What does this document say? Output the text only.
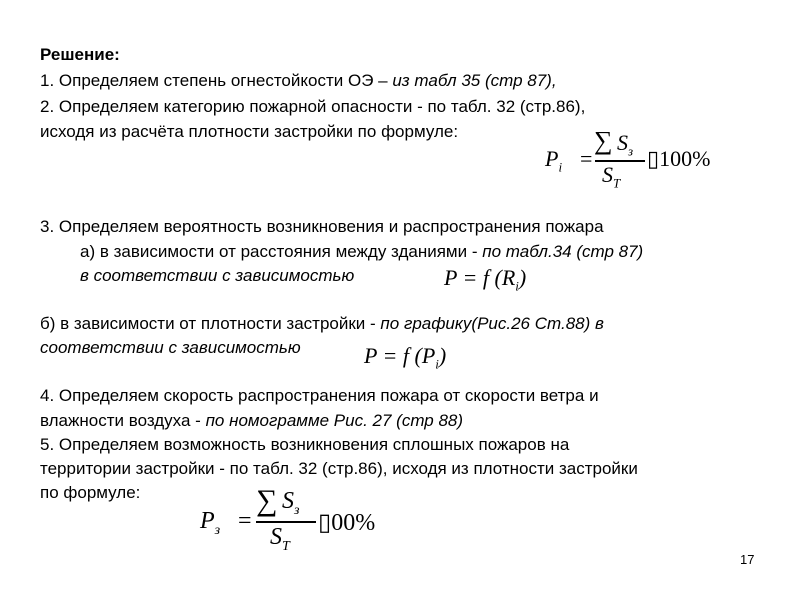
Решение:
1. Определяем степень огнестойкости ОЭ – из табл 35 (стр 87),
2. Определяем категорию пожарной опасности - по табл. 32 (стр.86),
исходя из расчёта плотности застройки по формуле:
$P_i$ =
∑ $S_з$
$S_T$
▯100%
3. Определяем вероятность возникновения и распространения пожара
а) в зависимости от расстояния между зданиями - по табл.34 (стр 87)
в соответствии с зависимостью	P = f $(R_i)$
б) в зависимости от плотности застройки - по графику(Рис.26 Ст.88) в
соответствии с зависимостью	P = f $(P_i)$
4. Определяем скорость распространения пожара от скорости ветра и
влажности воздуха - по номограмме Рис. 27 (стр 88)
5. Определяем возможность возникновения сплошных пожаров на
территории застройки - по табл. 32 (стр.86), исходя из плотности застройки
по формуле:
$P_з$ =
∑ $S_з$
$S_T$
▯00%
17
